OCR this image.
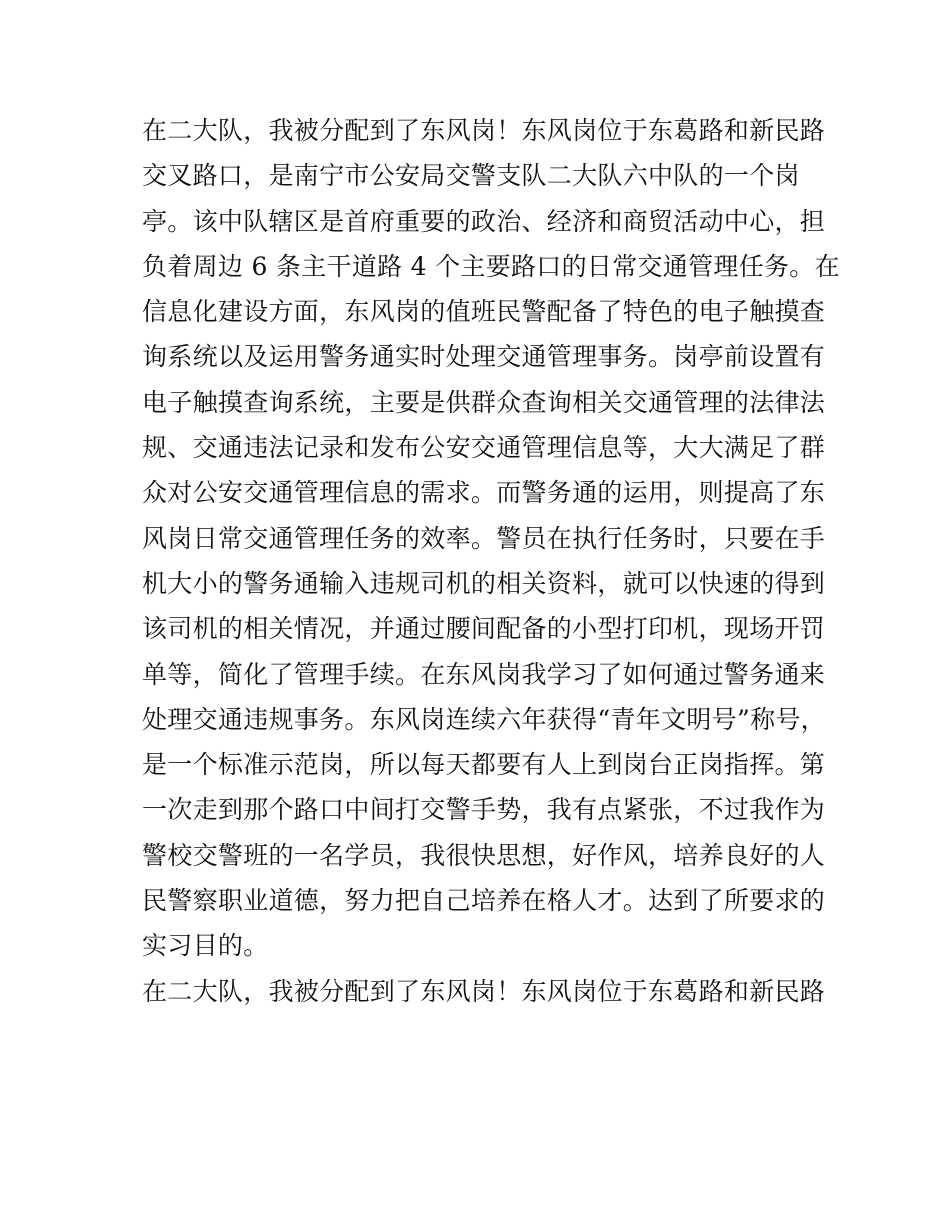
在二大队，我被分配到了东风岗！东风岗位于东葛路和新民路
交叉路口，是南宁市公安局交警支队二大队六中队的一个岗
亭。该中队辖区是首府重要的政治、经济和商贸活动中心，担
负着周边 6 条主干道路 4 个主要路口的日常交通管理任务。在
信息化建设方面，东风岗的值班民警配备了特色的电子触摸查
询系统以及运用警务通实时处理交通管理事务。岗亭前设置有
电子触摸查询系统，主要是供群众查询相关交通管理的法律法
规、交通违法记录和发布公安交通管理信息等，大大满足了群
众对公安交通管理信息的需求。而警务通的运用，则提高了东
风岗日常交通管理任务的效率。警员在执行任务时，只要在手
机大小的警务通输入违规司机的相关资料，就可以快速的得到
该司机的相关情况，并通过腰间配备的小型打印机，现场开罚
单等，简化了管理手续。在东风岗我学习了如何通过警务通来
处理交通违规事务。东风岗连续六年获得“青年文明号”称号，
是一个标准示范岗，所以每天都要有人上到岗台正岗指挥。第
一次走到那个路口中间打交警手势，我有点紧张，不过我作为
警校交警班的一名学员，我很快思想，好作风，培养良好的人
民警察职业道德，努力把自己培养在格人才。达到了所要求的
实习目的。
在二大队，我被分配到了东风岗！东风岗位于东葛路和新民路
